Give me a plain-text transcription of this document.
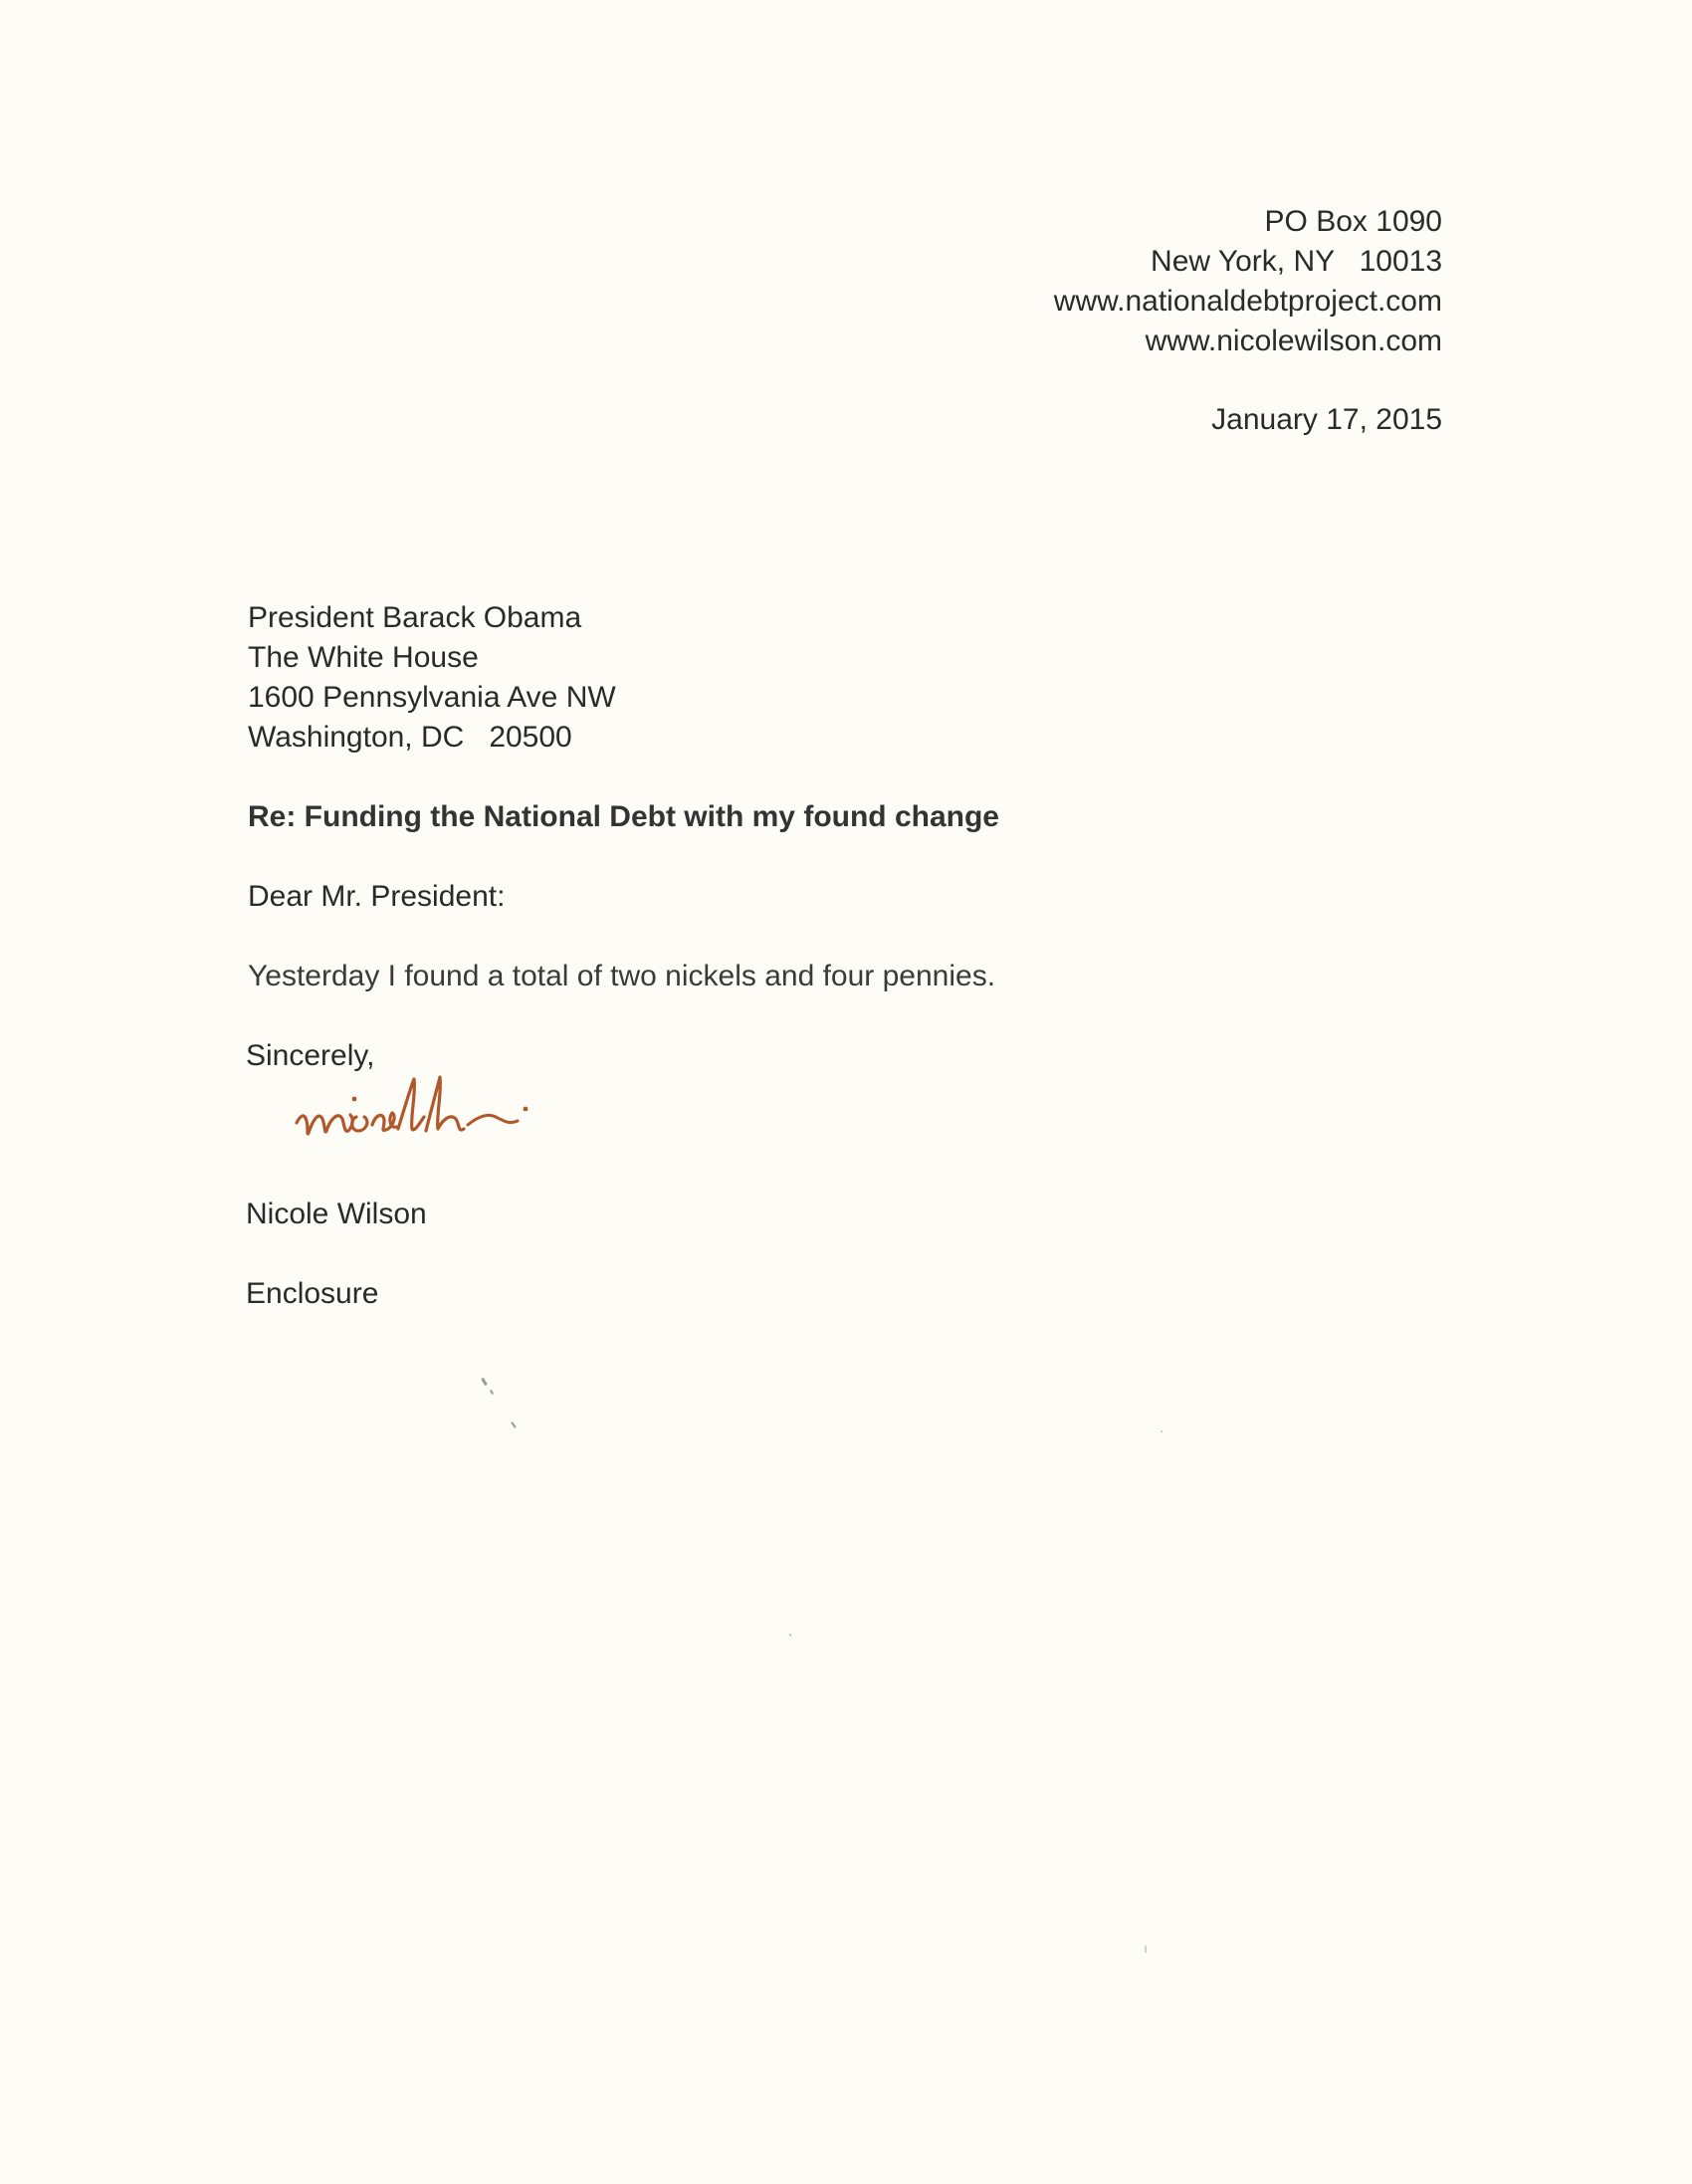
PO Box 1090
New York, NY   10013
www.nationaldebtproject.com
www.nicolewilson.com
January 17, 2015
President Barack Obama
The White House
1600 Pennsylvania Ave NW
Washington, DC   20500
Re: Funding the National Debt with my found change
Dear Mr. President:
Yesterday I found a total of two nickels and four pennies.
Sincerely,
Nicole Wilson
Enclosure
